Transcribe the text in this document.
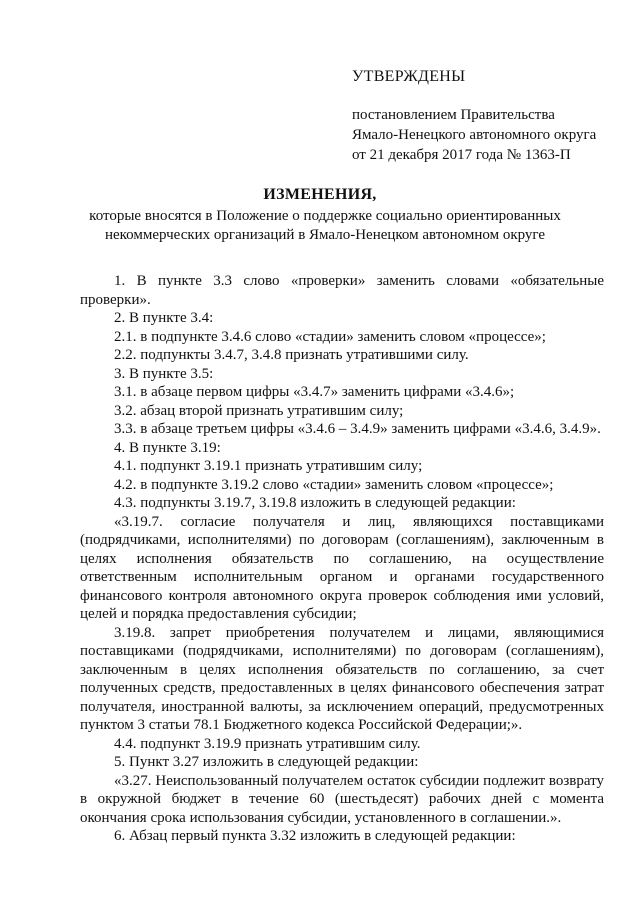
УТВЕРЖДЕНЫ
постановлением Правительства
Ямало-Ненецкого автономного округа
от 21 декабря 2017 года № 1363-П
ИЗМЕНЕНИЯ,
которые вносятся в Положение о поддержке социально ориентированных
некоммерческих организаций в Ямало-Ненецком автономном округе

1. В пункте 3.3 слово «проверки» заменить словами «обязательные проверки».

2. В пункте 3.4:

2.1. в подпункте 3.4.6 слово «стадии» заменить словом «процессе»;

2.2. подпункты 3.4.7, 3.4.8 признать утратившими силу.

3. В пункте 3.5:

3.1. в абзаце первом цифры «3.4.7» заменить цифрами «3.4.6»;

3.2. абзац второй признать утратившим силу;

3.3. в абзаце третьем цифры «3.4.6 – 3.4.9» заменить цифрами «3.4.6, 3.4.9».

4. В пункте 3.19:

4.1. подпункт 3.19.1 признать утратившим силу;

4.2. в подпункте 3.19.2 слово «стадии» заменить словом «процессе»;

4.3. подпункты 3.19.7, 3.19.8 изложить в следующей редакции:

«3.19.7. согласие получателя и лиц, являющихся поставщиками (подрядчиками, исполнителями) по договорам (соглашениям), заключенным в целях исполнения обязательств по соглашению, на осуществление ответственным исполнительным органом и органами государственного финансового контроля автономного округа проверок соблюдения ими условий, целей и порядка предоставления субсидии;

3.19.8. запрет приобретения получателем и лицами, являющимися поставщиками (подрядчиками, исполнителями) по договорам (соглашениям), заключенным в целях исполнения обязательств по соглашению, за счет полученных средств, предоставленных в целях финансового обеспечения затрат получателя, иностранной валюты, за исключением операций, предусмотренных пунктом 3 статьи 78.1 Бюджетного кодекса Российской Федерации;».

4.4. подпункт 3.19.9 признать утратившим силу.

5. Пункт 3.27 изложить в следующей редакции:

«3.27. Неиспользованный получателем остаток субсидии подлежит возврату в окружной бюджет в течение 60 (шестьдесят) рабочих дней с момента окончания срока использования субсидии, установленного в соглашении.».

6. Абзац первый пункта 3.32 изложить в следующей редакции:
